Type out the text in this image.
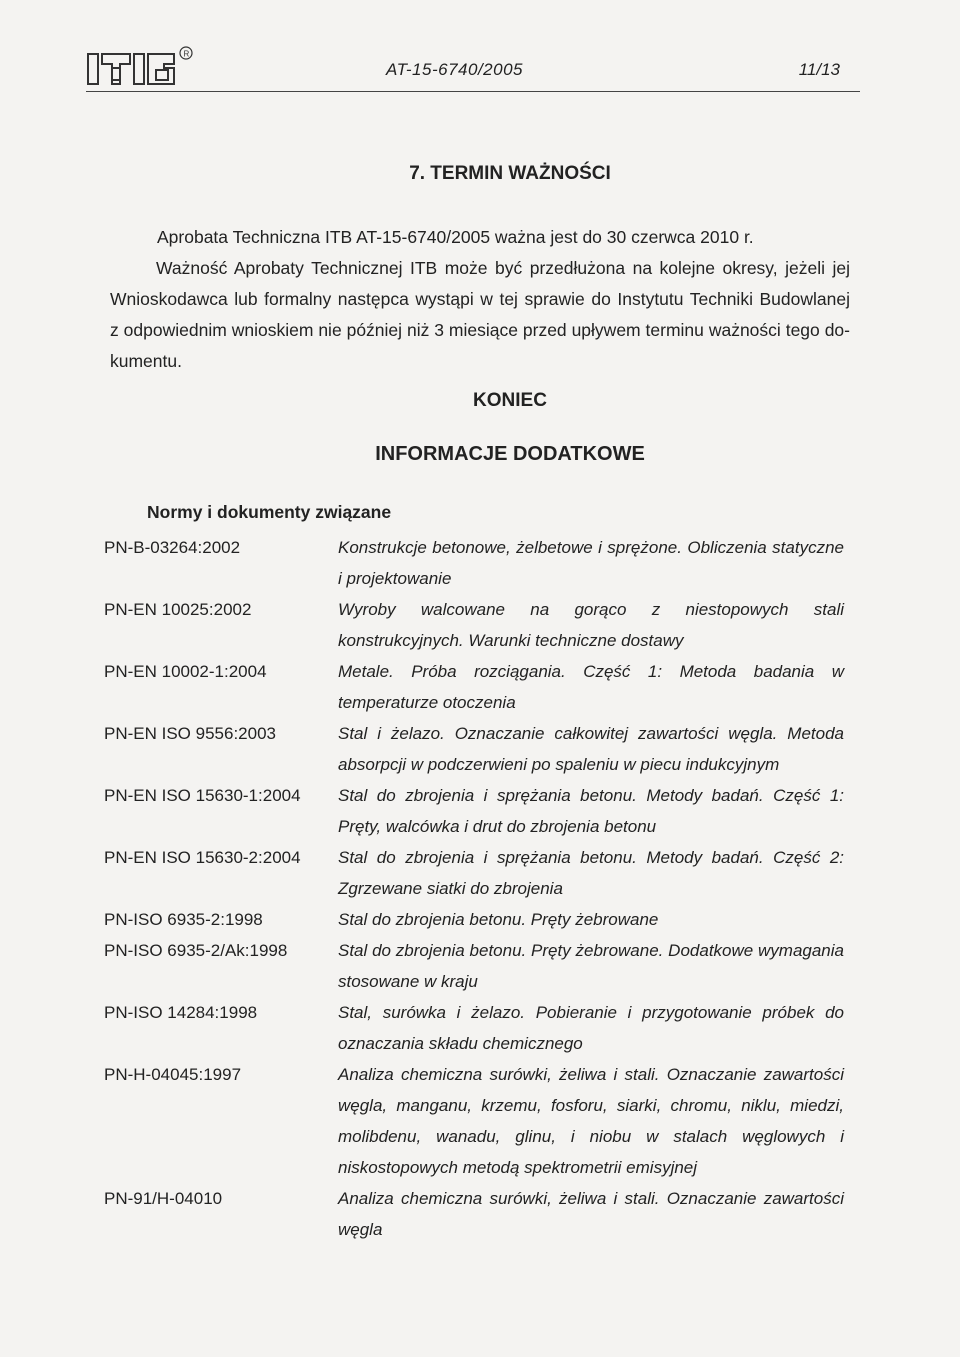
R
AT-15-6740/2005	11/13
7. TERMIN WAŻNOŚCI
Aprobata Techniczna ITB AT-15-6740/2005 ważna jest do 30 czerwca 2010 r.

Ważność Aprobaty Technicznej ITB może być przedłużona na kolejne okresy, jeżeli jej

Wnioskodawca lub formalny następca wystąpi w tej sprawie do Instytutu Techniki Budowlanej

z odpowiednim wnioskiem nie później niż 3 miesiące przed upływem terminu ważności tego do-

kumentu.

KONIEC
INFORMACJE DODATKOWE
Normy i dokumenty związane
PN-B-03264:2002	Konstrukcje betonowe, żelbetowe i sprężone. Obliczenia statyczne i projektowanie
PN-EN 10025:2002	Wyroby walcowane na gorąco z niestopowych stali konstrukcyjnych. Warunki techniczne dostawy
PN-EN 10002-1:2004	Metale. Próba rozciągania. Część 1: Metoda badania w temperaturze otoczenia
PN-EN ISO 9556:2003	Stal i żelazo. Oznaczanie całkowitej zawartości węgla. Metoda absorpcji w podczerwieni po spaleniu w piecu indukcyjnym
PN-EN ISO 15630-1:2004 Stal do zbrojenia i sprężania betonu. Metody badań. Część 1: Pręty, walcówka i drut do zbrojenia betonu
PN-EN ISO 15630-2:2004 Stal do zbrojenia i sprężania betonu. Metody badań. Część 2: Zgrzewane siatki do zbrojenia
PN-ISO 6935-2:1998	Stal do zbrojenia betonu. Pręty żebrowane
PN-ISO 6935-2/Ak:1998	Stal do zbrojenia betonu. Pręty żebrowane. Dodatkowe wymagania stosowane w kraju
PN-ISO 14284:1998	Stal, surówka i żelazo. Pobieranie i przygotowanie próbek do oznaczania składu chemicznego
PN-H-04045:1997	Analiza chemiczna surówki, żeliwa i stali. Oznaczanie zawartości węgla, manganu, krzemu, fosforu, siarki, chromu, niklu, miedzi, molibdenu, wanadu, glinu, i niobu w stalach węglowych i niskostopowych metodą spektrometrii emisyjnej
PN-91/H-04010	Analiza chemiczna surówki, żeliwa i stali. Oznaczanie zawartości węgla
